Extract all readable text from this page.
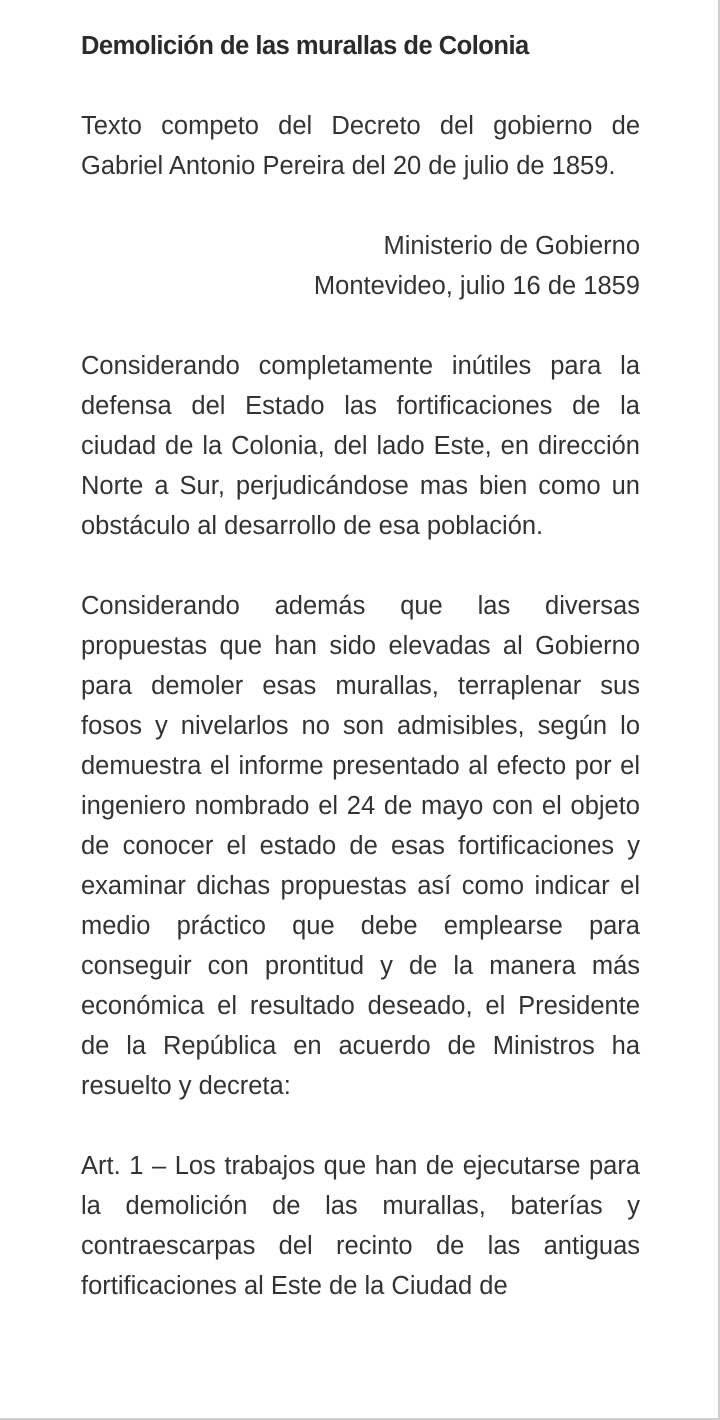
Demolición de las murallas de Colonia

Texto competo del Decreto del gobierno de Gabriel Antonio Pereira del 20 de julio de 1859.

Ministerio de Gobierno
Montevideo, julio 16 de 1859

Considerando completamente inútiles para la defensa del Estado las fortificaciones de la ciudad de la Colonia, del lado Este, en dirección Norte a Sur, perjudicándose mas bien como un obstáculo al desarrollo de esa población.

Considerando además que las diversas propuestas que han sido elevadas al Gobierno para demoler esas murallas, terraplenar sus fosos y nivelarlos no son admisibles, según lo demuestra el informe presentado al efecto por el ingeniero nombrado el 24 de mayo con el objeto de conocer el estado de esas fortificaciones y examinar dichas propuestas así como indicar el medio práctico que debe emplearse para conseguir con prontitud y de la manera más económica el resultado deseado, el Presidente de la República en acuerdo de Ministros ha resuelto y decreta:

Art. 1 – Los trabajos que han de ejecutarse para la demolición de las murallas, baterías y contraescarpas del recinto de las antiguas fortificaciones al Este de la Ciudad de
